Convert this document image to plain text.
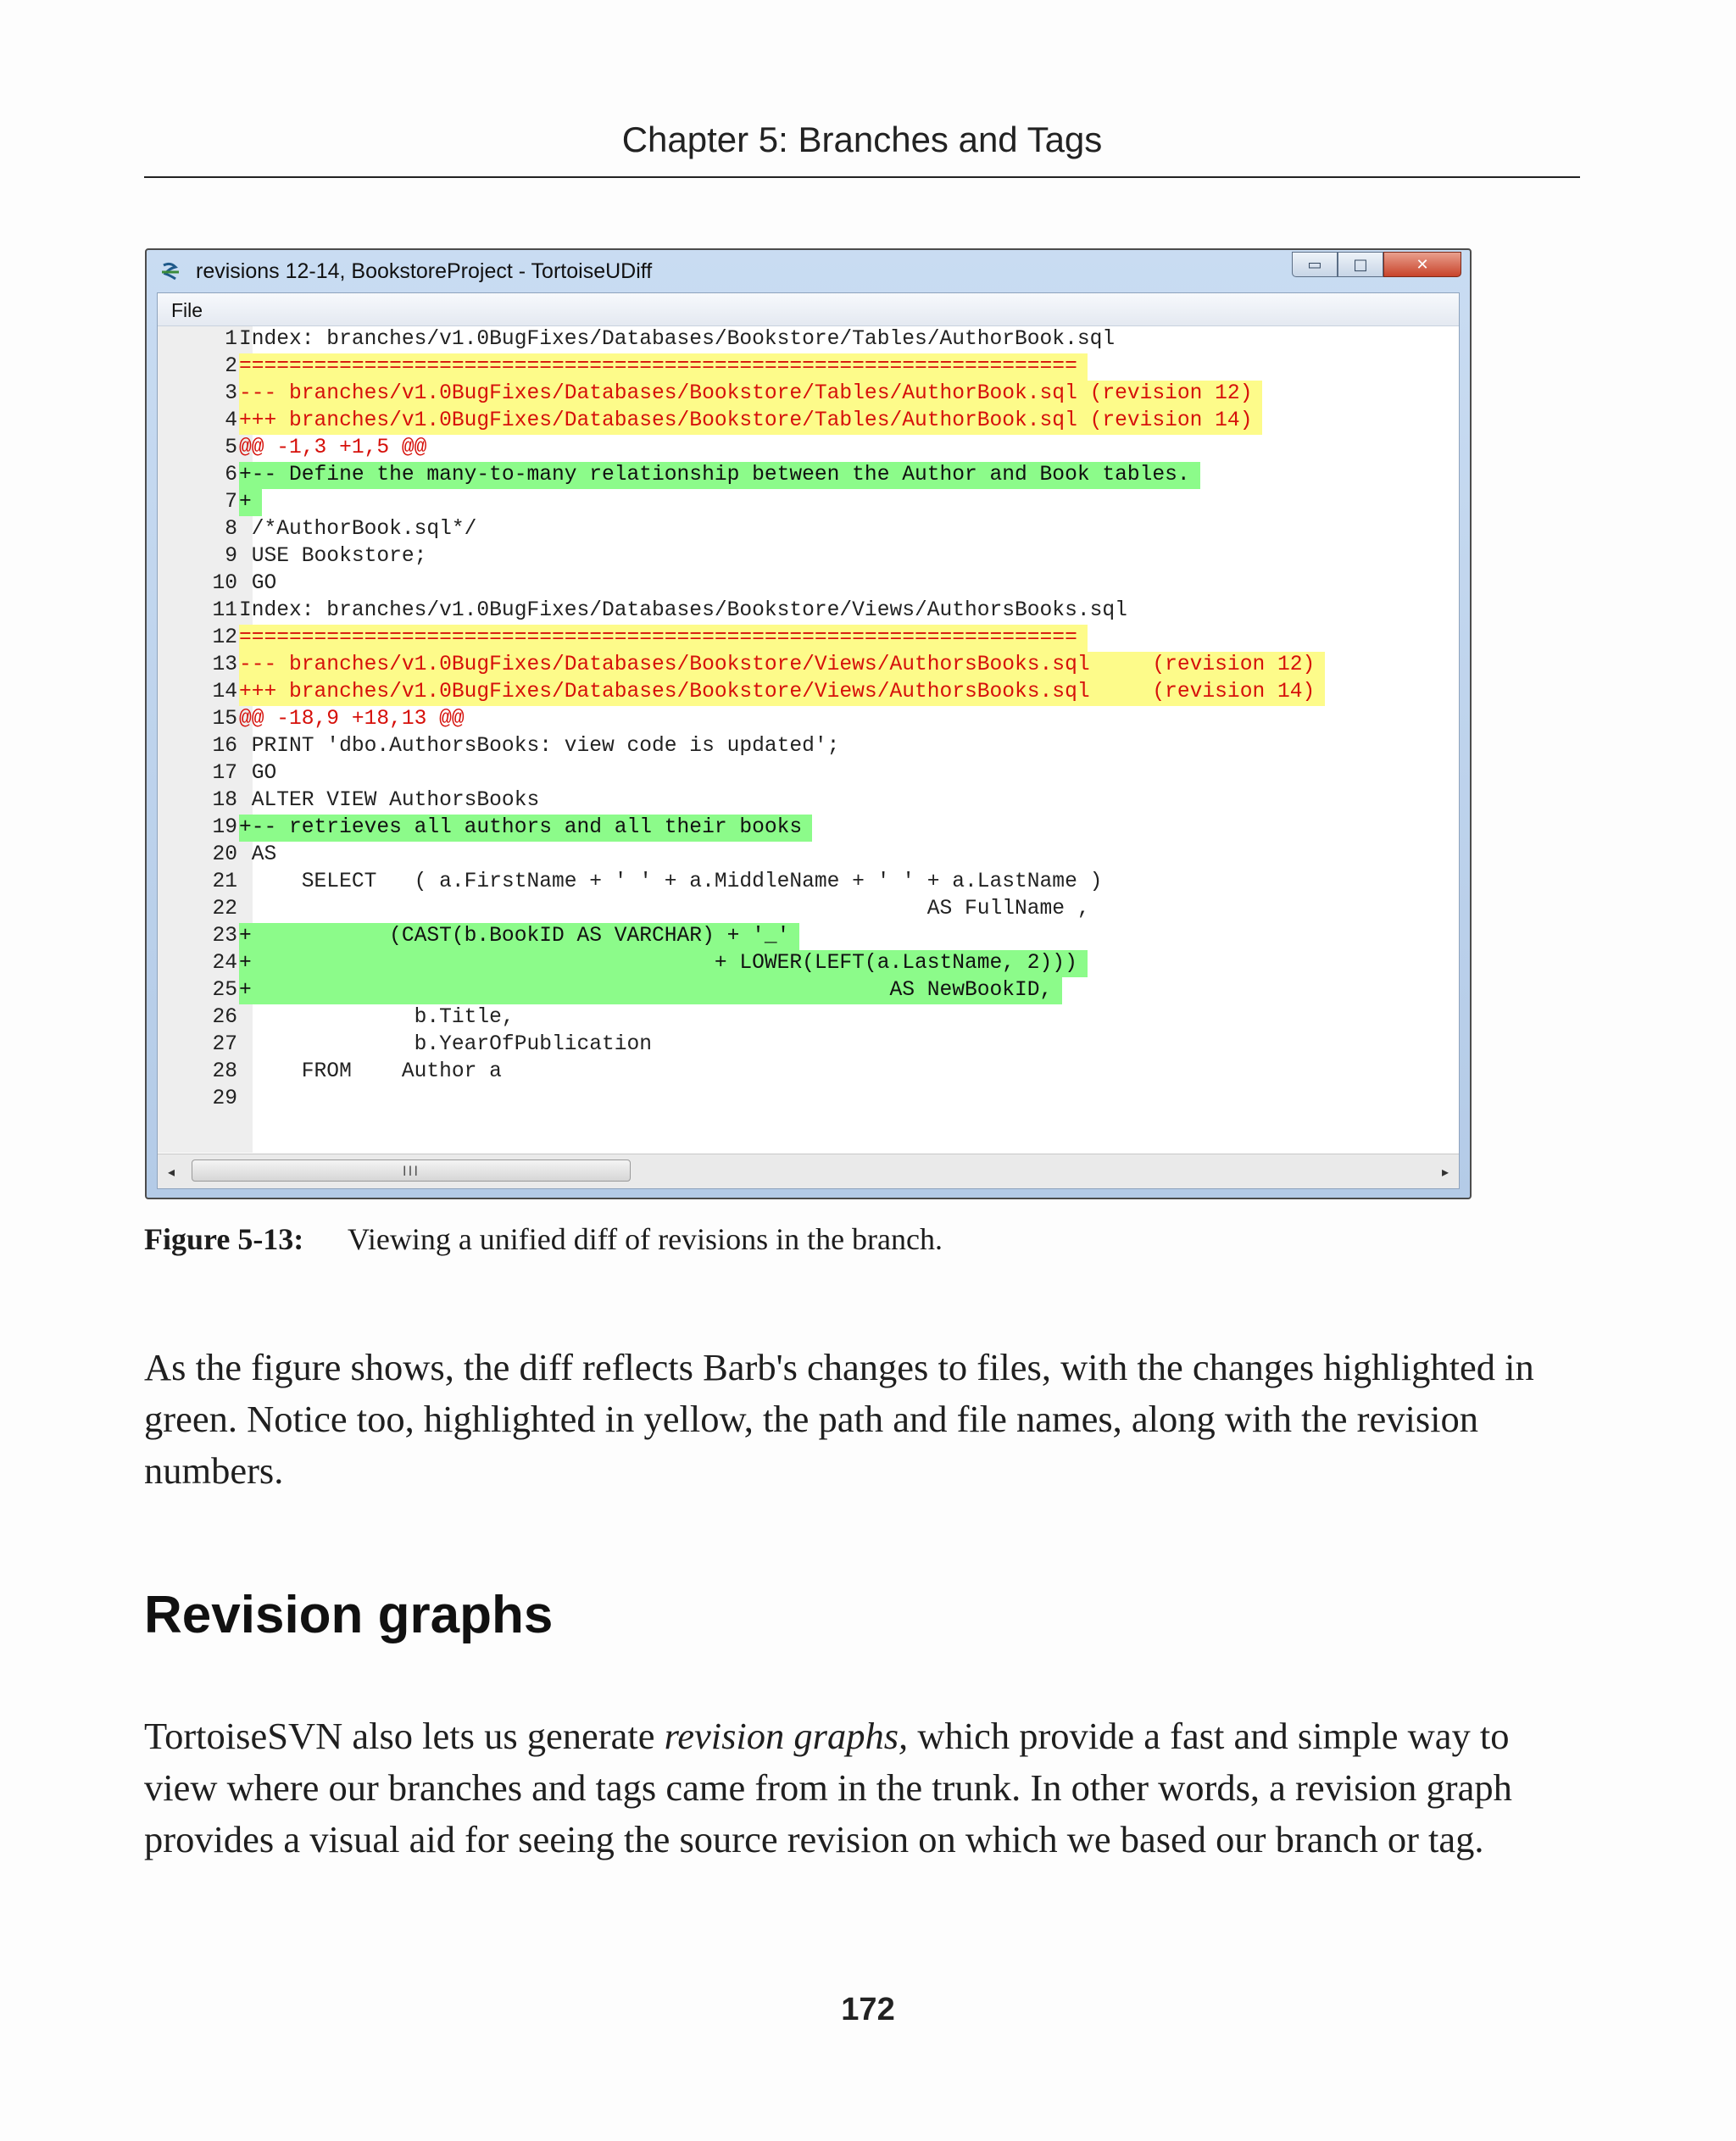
Chapter 5: Branches and Tags
revisions 12-14, BookstoreProject - TortoiseUDiff	▭	□	✕
File
1 Index: branches/v1.0BugFixes/Databases/Bookstore/Tables/AuthorBook.sql
2 ===================================================================
3 --- branches/v1.0BugFixes/Databases/Bookstore/Tables/AuthorBook.sql (revision 12)
4 +++ branches/v1.0BugFixes/Databases/Bookstore/Tables/AuthorBook.sql (revision 14)
5 @@ -1,3 +1,5 @@
6 +-- Define the many-to-many relationship between the Author and Book tables.
7 +
8 /*AuthorBook.sql*/
9 USE Bookstore;
10 GO
11 Index: branches/v1.0BugFixes/Databases/Bookstore/Views/AuthorsBooks.sql
12 ===================================================================
13 --- branches/v1.0BugFixes/Databases/Bookstore/Views/AuthorsBooks.sql     (revision 12)
14 +++ branches/v1.0BugFixes/Databases/Bookstore/Views/AuthorsBooks.sql     (revision 14)
15 @@ -18,9 +18,13 @@
16 PRINT 'dbo.AuthorsBooks: view code is updated';
17 GO
18 ALTER VIEW AuthorsBooks
19 +-- retrieves all authors and all their books
20 AS
21 SELECT   ( a.FirstName + ' ' + a.MiddleName + ' ' + a.LastName )
22 AS FullName ,
23 +           (CAST(b.BookID AS VARCHAR) + '_'
24 +                                     + LOWER(LEFT(a.LastName, 2)))
25 +                                                   AS NewBookID,
26 b.Title,
27 b.YearOfPublication
28 FROM    Author a
29
◂	III	▸
Figure 5-13: Viewing a unified diff of revisions in the branch.
As the figure shows, the diff reflects Barb's changes to files, with the changes highlighted in green. Notice too, highlighted in yellow, the path and file names, along with the revision numbers.
Revision graphs
TortoiseSVN also lets us generate revision graphs, which provide a fast and simple way to view where our branches and tags came from in the trunk. In other words, a revision graph provides a visual aid for seeing the source revision on which we based our branch or tag.
172
